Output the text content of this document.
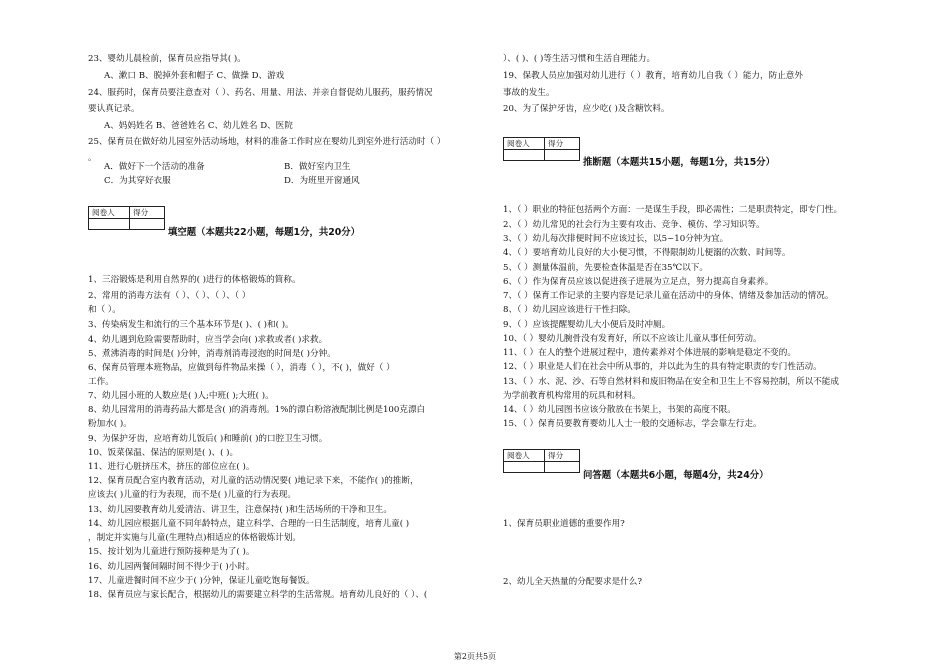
23、婴幼儿晨检前，保育员应指导其( )。
A、漱口 B、脱掉外套和帽子 C、做操 D、游戏
24、服药时，保育员要注意查对（ ）、药名、用量、用法、并亲自督促幼儿服药，服药情况
要认真记录。
A、妈妈姓名 B、爸爸姓名 C、幼儿姓名 D、医院
25、保育员在做好幼儿园室外活动场地，材料的准备工作时应在婴幼儿到室外进行活动时（ ）
。
A．做好下一个活动的准备	B．做好室内卫生
C．为其穿好衣服	D．为班里开窗通风
阅卷人	得分

填空题（本题共22小题，每题1分，共20分）
1、三浴锻炼是利用自然界的( )进行的体格锻炼的简称。
2、常用的消毒方法有（ ）、（ ）、（ ）、（ ）
和（ ）。
3、传染病发生和流行的三个基本环节是( )、( )和( )。
4、幼儿遇到危险需要帮助时，应当学会向( )求救或者( )求救。
5、煮沸消毒的时间是( )分钟，消毒剂消毒浸泡的时间是( )分钟。
6、保育员管理本班物品，应做到每件物品来操（ ），消毒（ ），不( )，做好（ ）
工作。
7、幼儿园小班的人数应是( )人;中班( );大班( )。
8、幼儿园常用的消毒药品大都是含( )的消毒剂。1%的漂白粉溶液配制比例是100克漂白
粉加水( )。
9、为保护牙齿，应培育幼儿饭后( )和睡前( )的口腔卫生习惯。
10、饭菜保温、保洁的原则是( )、( )。
11、进行心脏挤压术，挤压的部位应在( )。
12、保育员配合室内教育活动，对儿童的活动情况要( )地记录下来，不能作( )的推断，
应该去( )儿童的行为表现，而不是( )儿童的行为表现。
13、幼儿园要教育幼儿爱清洁、讲卫生，注意保持( )和生活场所的干净和卫生。
14、幼儿园应根据儿童不同年龄特点，建立科学、合理的一日生活制度，培育儿童( )
，制定并实施与儿童(生理特点)相适应的体格锻炼计划。
15、按计划为儿童进行预防接种是为了( )。
16、幼儿园两餐间隔时间不得少于( )小时。
17、儿童进餐时间不应少于( )分钟，保证儿童吃饱每餐饭。
18、保育员应与家长配合，根据幼儿的需要建立科学的生活常规。培育幼儿良好的（ ）、(
）、( )、( )等生活习惯和生活自理能力。
19、保教人员应加强对幼儿进行（ ）教育，培育幼儿自我（ ）能力，防止意外
事故的发生。
20、为了保护牙齿，应少吃( )及含糖饮料。
阅卷人	得分

推断题（本题共15小题，每题1分，共15分）
1、（ ）职业的特征包括两个方面：一是谋生手段，即必需性；二是职责特定，即专门性。
2、（ ）幼儿常见的社会行为主要有攻击、竞争、模仿、学习知识等。
3、（ ）幼儿每次排便时间不应该过长，以5~10分钟为宜。
4、（ ）要培育幼儿良好的大小便习惯，不得限制幼儿便溺的次数、时间等。
5、（ ）测量体温前，先要检查体温是否在35℃以下。
6、（ ）作为保育员应该以促进孩子进展为立足点，努力提高自身素养。
7、（ ）保育工作记录的主要内容是记录儿童在活动中的身体、情绪及参加活动的情况。
8、（ ）幼儿园应该进行干性扫除。
9、（ ）应该提醒婴幼儿大小便后及时冲厕。
10、（ ）婴幼儿腕骨没有发育好，所以不应该让儿童从事任何劳动。
11、（ ）在人的整个进展过程中，遗传素养对个体进展的影响是稳定不变的。
12、（ ）职业是人们在社会中所从事的，并以此为生的具有特定职责的专门性活动。
13、（ ）水、泥、沙、石等自然材料和废旧物品在安全和卫生上不容易控制，所以不能成
为学前教育机构常用的玩具和材料。
14、（ ）幼儿园图书应该分散放在书架上，书架的高度不限。
15、（ ）保育员要教育婴幼儿人士一般的交通标志，学会靠左行走。
阅卷人	得分

问答题（本题共6小题，每题4分，共24分）
1、保育员职业道德的重要作用?
2、幼儿全天热量的分配要求是什么?
第2页共5页
